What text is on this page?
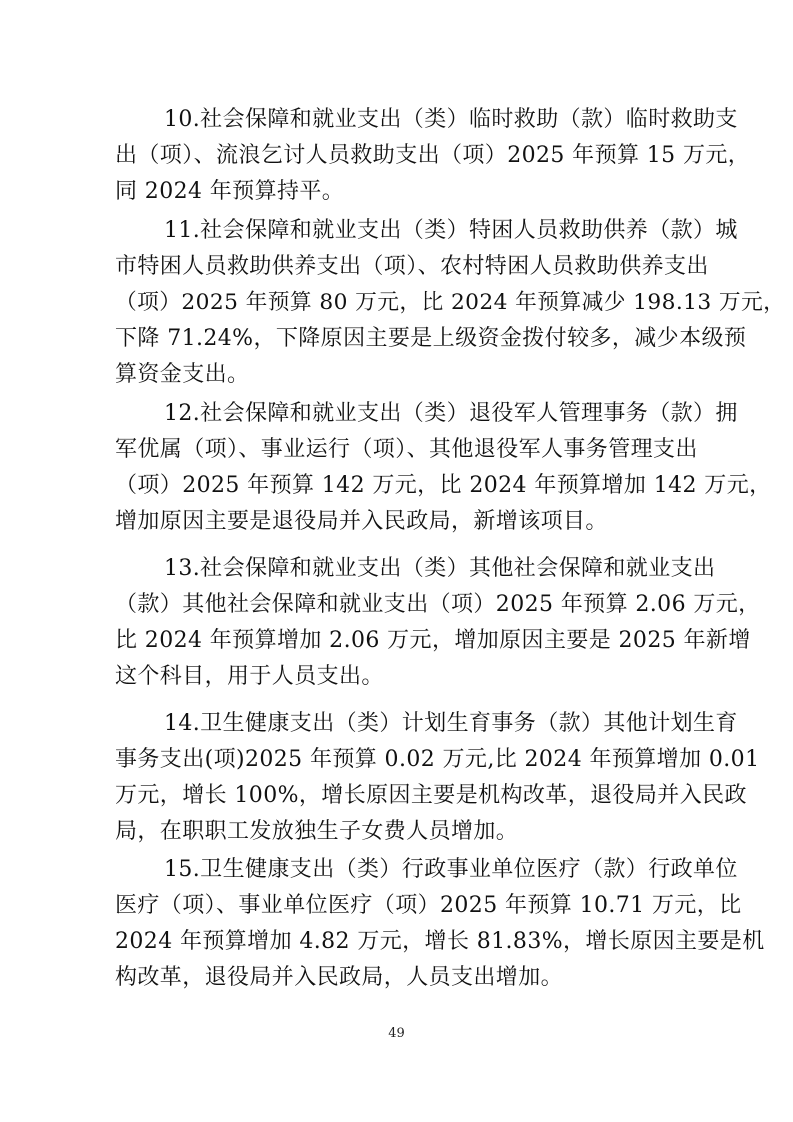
10.社会保障和就业支出（类）临时救助（款）临时救助支
出（项）、流浪乞讨人员救助支出（项）2025 年预算 15 万元，
同 2024 年预算持平。
11.社会保障和就业支出（类）特困人员救助供养（款）城
市特困人员救助供养支出（项）、农村特困人员救助供养支出
（项）2025 年预算 80 万元，比 2024 年预算减少 198.13 万元，
下降 71.24%，下降原因主要是上级资金拨付较多，减少本级预
算资金支出。
12.社会保障和就业支出（类）退役军人管理事务（款）拥
军优属（项）、事业运行（项）、其他退役军人事务管理支出
（项）2025 年预算 142 万元，比 2024 年预算增加 142 万元，
增加原因主要是退役局并入民政局，新增该项目。
13.社会保障和就业支出（类）其他社会保障和就业支出
（款）其他社会保障和就业支出（项）2025 年预算 2.06 万元，
比 2024 年预算增加 2.06 万元，增加原因主要是 2025 年新增
这个科目，用于人员支出。
14.卫生健康支出（类）计划生育事务（款）其他计划生育
事务支出(项)2025 年预算 0.02 万元,比 2024 年预算增加 0.01
万元，增长 100%，增长原因主要是机构改革，退役局并入民政
局，在职职工发放独生子女费人员增加。
15.卫生健康支出（类）行政事业单位医疗（款）行政单位
医疗（项）、事业单位医疗（项）2025 年预算 10.71 万元，比
2024 年预算增加 4.82 万元，增长 81.83%，增长原因主要是机
构改革，退役局并入民政局，人员支出增加。
49
